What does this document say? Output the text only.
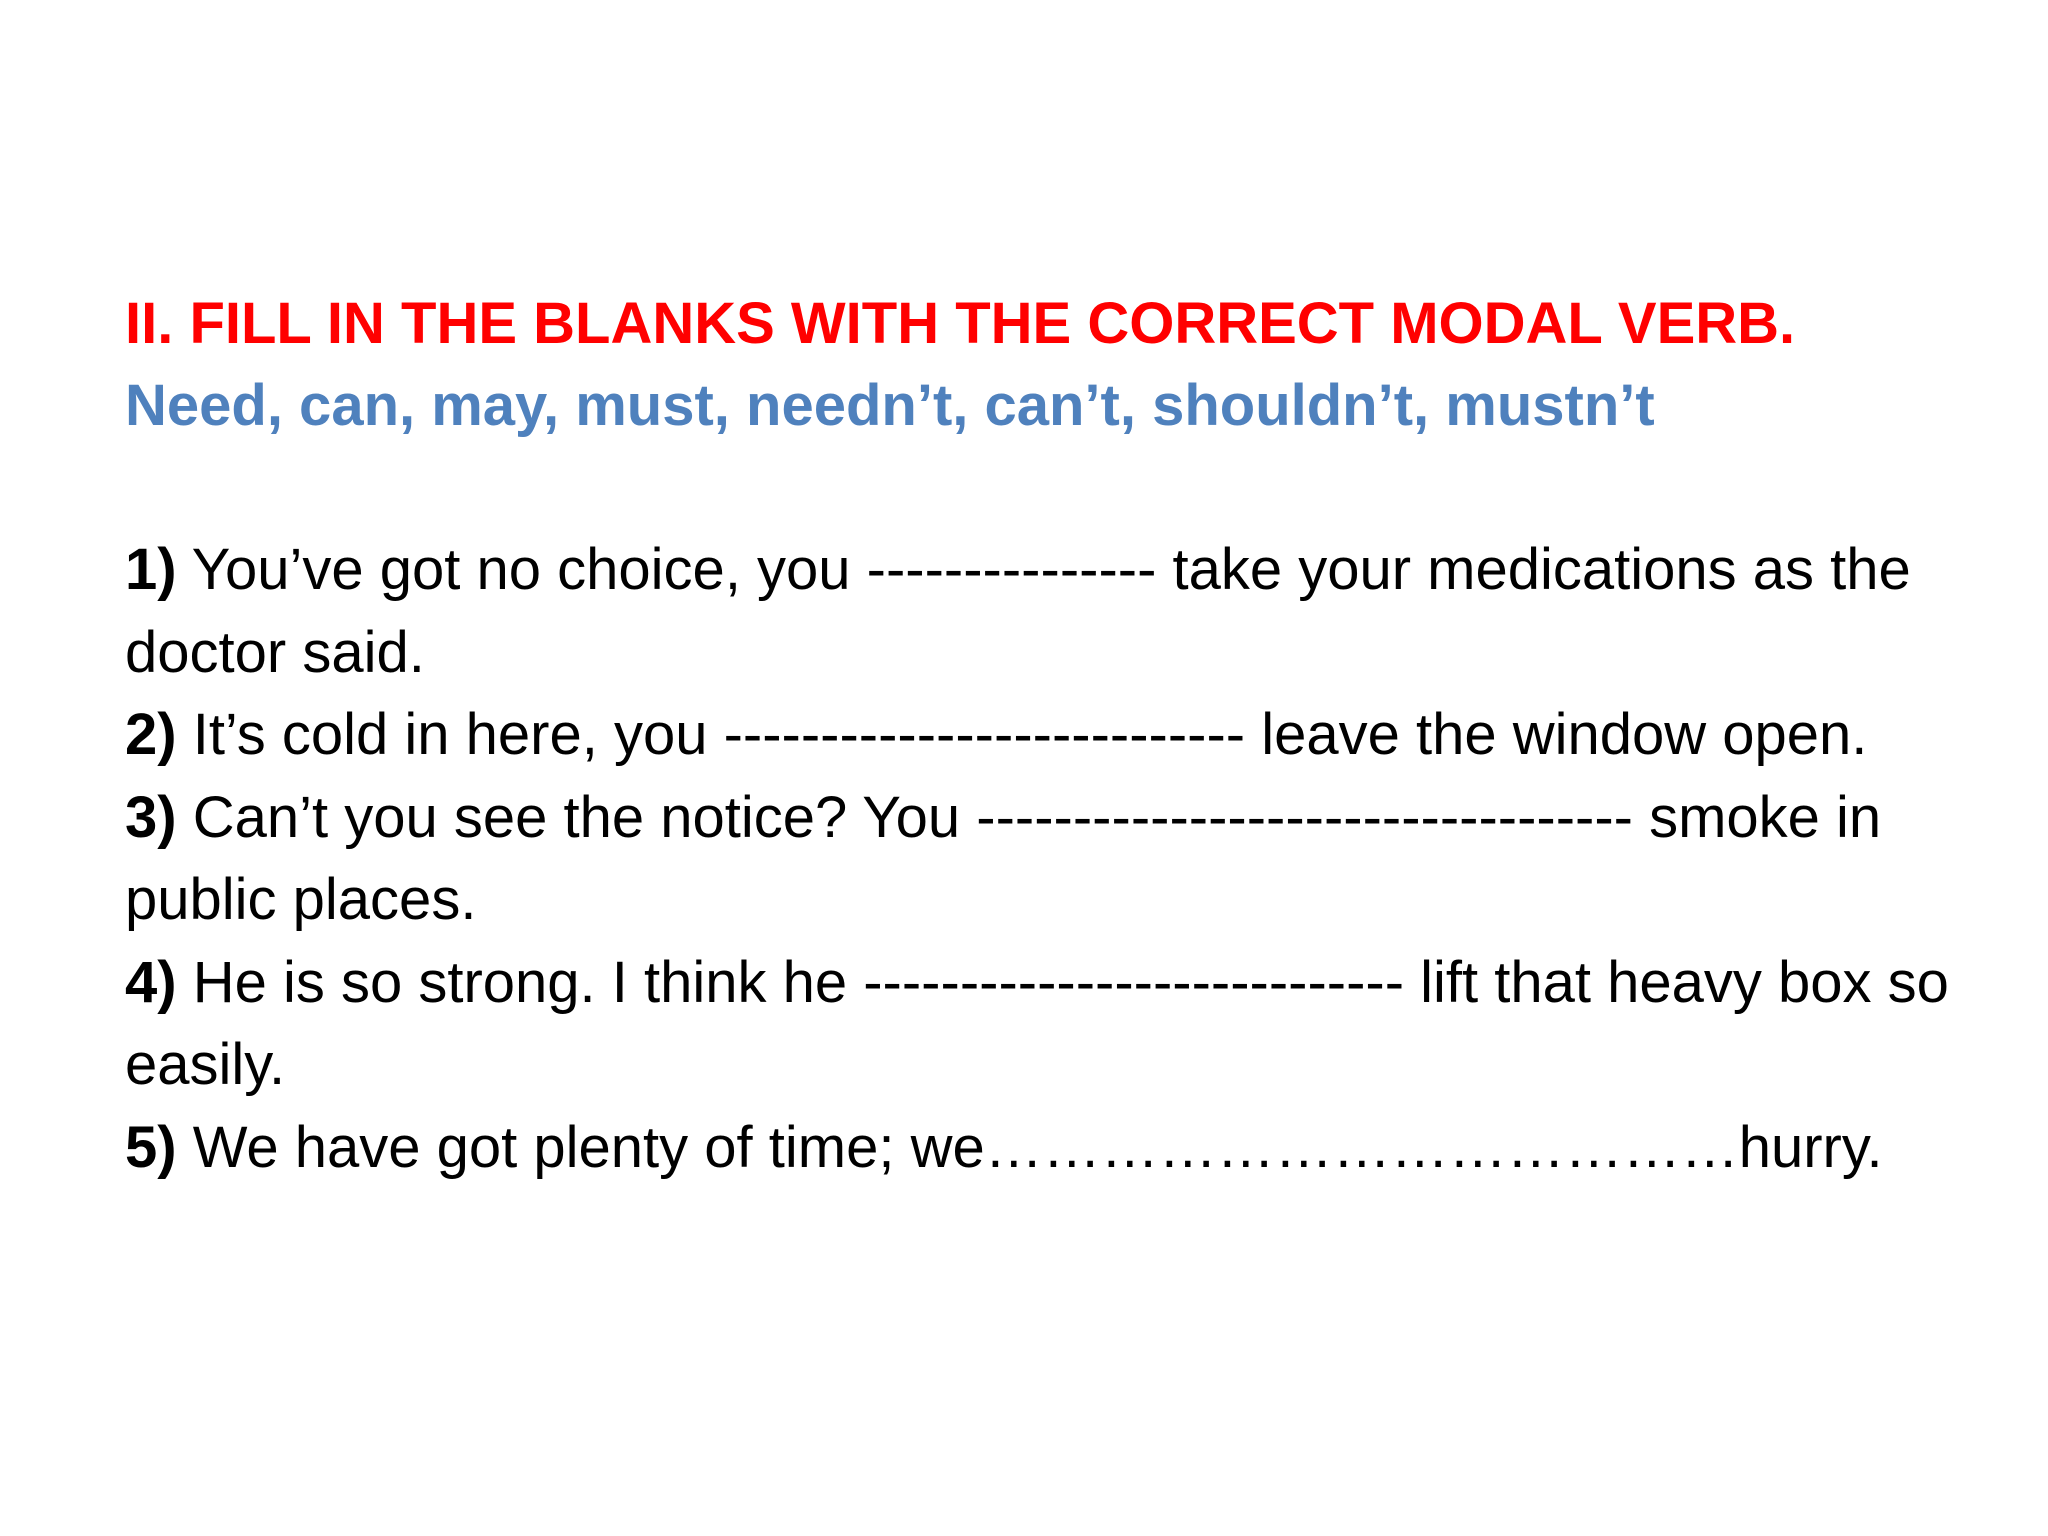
II. FILL IN THE BLANKS WITH THE CORRECT MODAL VERB.

Need, can, may, must, needn’t, can’t, shouldn’t, mustn’t

1) You’ve got no choice, you --------------- take your medications as the doctor said.
2) It’s cold in here, you --------------------------- leave the window open.
3) Can’t you see the notice? You ---------------------------------- smoke in public places.
4) He is so strong. I think he ---------------------------- lift that heavy box so easily.
5) We have got plenty of time; we…………………………………hurry.
